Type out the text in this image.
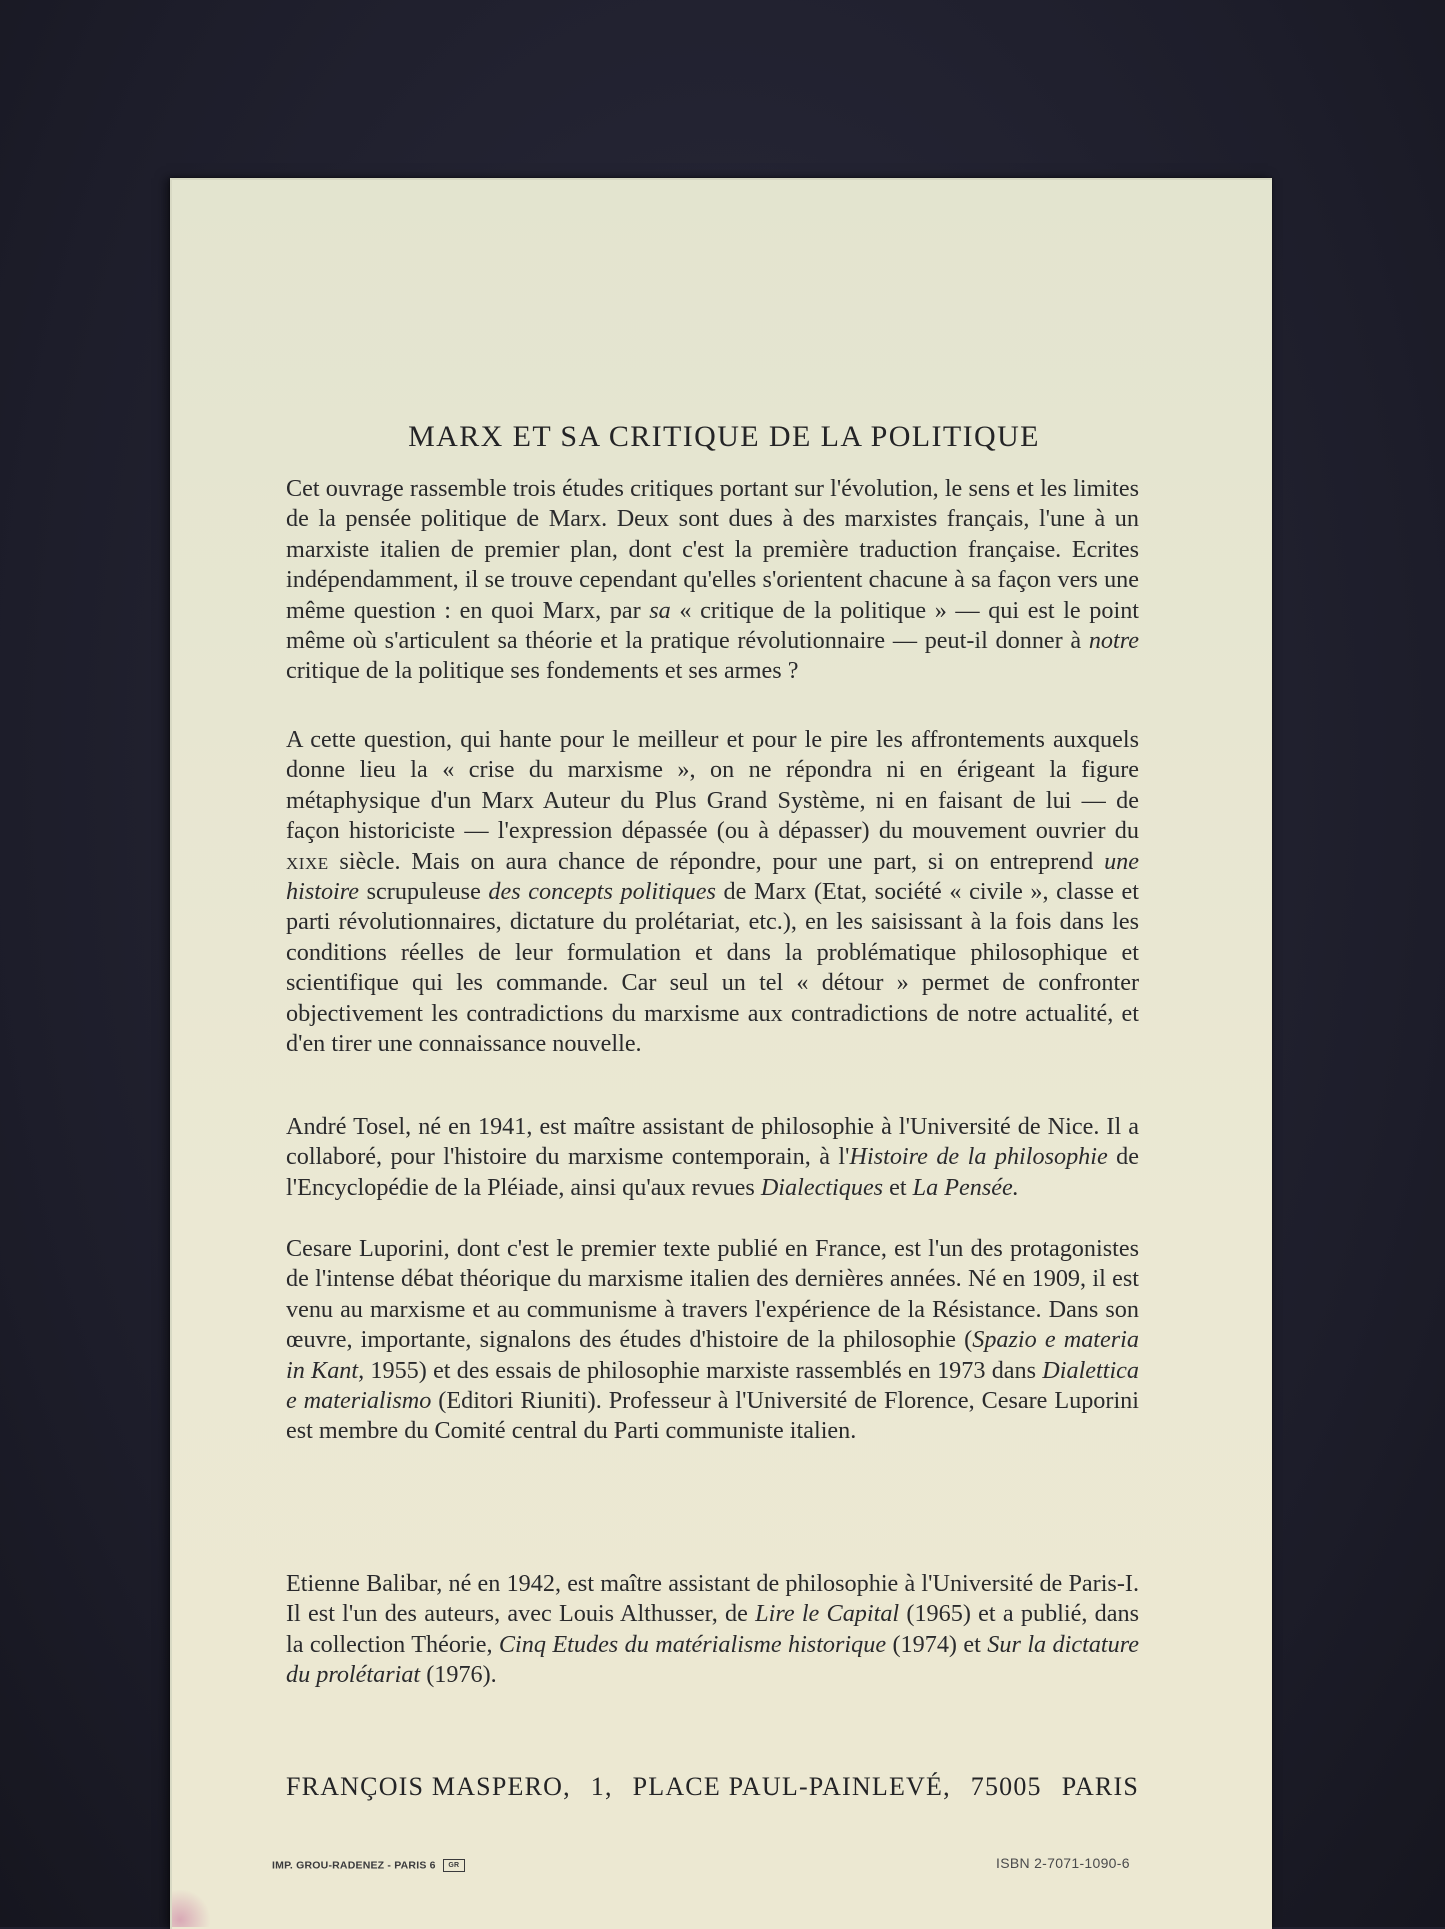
MARX ET SA CRITIQUE DE LA POLITIQUE

Cet ouvrage rassemble trois études critiques portant sur l'évolution, le sens et les limites de la pensée politique de Marx. Deux sont dues à des marxistes français, l'une à un marxiste italien de premier plan, dont c'est la première traduction française. Ecrites indépendamment, il se trouve cependant qu'elles s'orientent chacune à sa façon vers une même question : en quoi Marx, par sa « critique de la politique » — qui est le point même où s'articulent sa théorie et la pratique révolutionnaire — peut-il donner à notre critique de la politique ses fondements et ses armes ?

A cette question, qui hante pour le meilleur et pour le pire les affrontements auxquels donne lieu la « crise du marxisme », on ne répondra ni en érigeant la figure métaphysique d'un Marx Auteur du Plus Grand Système, ni en faisant de lui — de façon historiciste — l'expression dépassée (ou à dépasser) du mouvement ouvrier du xixe siècle. Mais on aura chance de répondre, pour une part, si on entreprend une histoire scrupuleuse des concepts politiques de Marx (Etat, société « civile », classe et parti révolutionnaires, dictature du prolétariat, etc.), en les saisissant à la fois dans les conditions réelles de leur formulation et dans la problématique philosophique et scientifique qui les commande. Car seul un tel « détour » permet de confronter objectivement les contradictions du marxisme aux contradictions de notre actualité, et d'en tirer une connaissance nouvelle.

André Tosel, né en 1941, est maître assistant de philosophie à l'Université de Nice. Il a collaboré, pour l'histoire du marxisme contemporain, à l'Histoire de la philosophie de l'Encyclopédie de la Pléiade, ainsi qu'aux revues Dialectiques et La Pensée.

Cesare Luporini, dont c'est le premier texte publié en France, est l'un des protagonistes de l'intense débat théorique du marxisme italien des dernières années. Né en 1909, il est venu au marxisme et au communisme à travers l'expérience de la Résistance. Dans son œuvre, importante, signalons des études d'histoire de la philosophie (Spazio e materia in Kant, 1955) et des essais de philosophie marxiste rassemblés en 1973 dans Dialettica e materialismo (Editori Riuniti). Professeur à l'Université de Florence, Cesare Luporini est membre du Comité central du Parti communiste italien.

Etienne Balibar, né en 1942, est maître assistant de philosophie à l'Université de Paris-I. Il est l'un des auteurs, avec Louis Althusser, de Lire le Capital (1965) et a publié, dans la collection Théorie, Cinq Etudes du matérialisme historique (1974) et Sur la dictature du prolétariat (1976).

FRANÇOIS MASPERO, 1, PLACE PAUL-PAINLEVÉ, 75005 PARIS
IMP. GROU-RADENEZ - PARIS 6 GR	ISBN 2-7071-1090-6
